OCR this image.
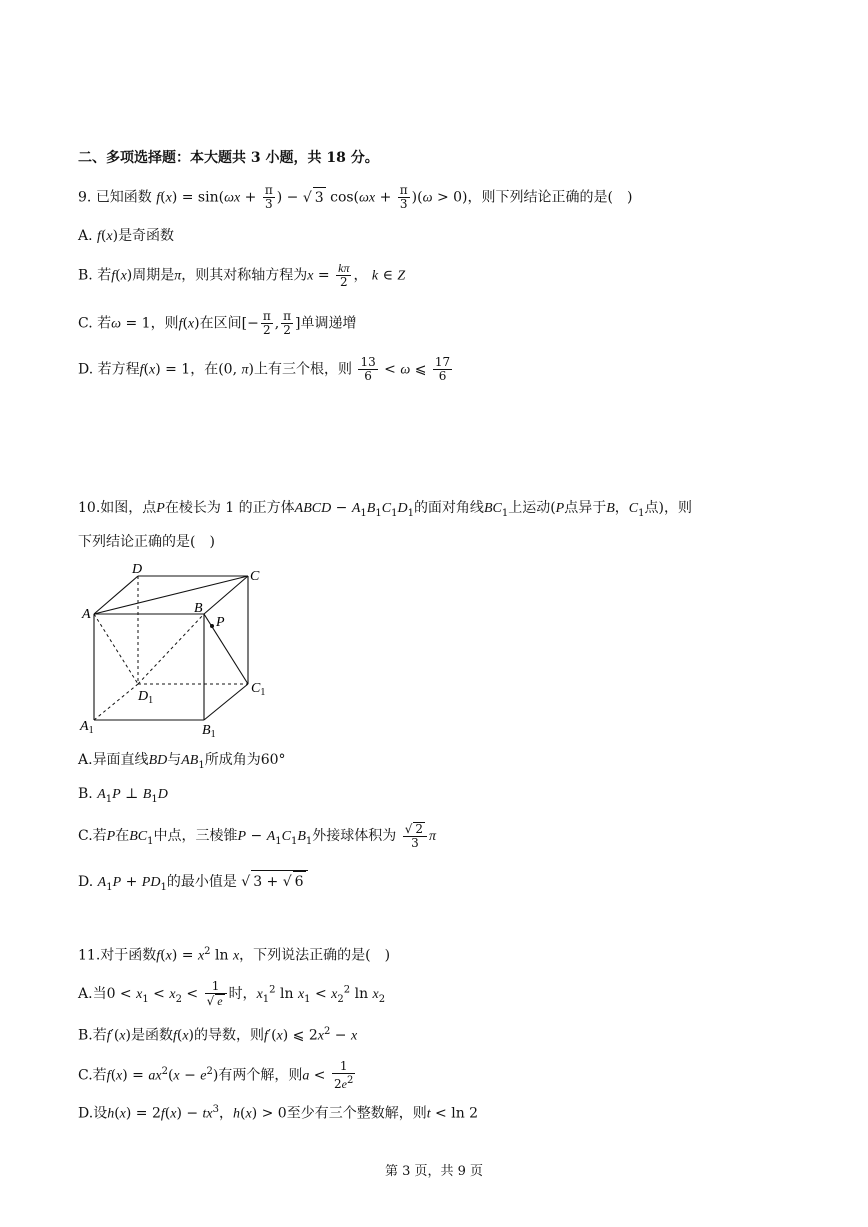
二、多项选择题：本大题共 3 小题，共 18 分。
9. 已知函数 $f(x) = \sin(\omega x + \frac{\pi}{3}$ ) − √ 3 $\cos(\omega x + \frac{\pi}{3} )(\omega > 0)$，则下列结论正确的是(　)
A. f(x)是奇函数
B. 若f(x)周期是π，则其对称轴方程为$x = \frac{k\pi}{2}$ ， k ∈ Z
C. 若ω = 1，则f(x)在区间[− $\frac{\pi}{2}$ , $\frac{\pi}{2}$ ]单调递增
D. 若方程f(x) = 1，在(0, π)上有三个根，则 $\frac{13}{6} < \omega$ ⩽ $\frac{17}{6}$
10.如图，点P在棱长为 1 的正方体ABCD − $A_1B_1C_1D_1$的面对角线$BC_1$上运动(P点异于B，$C_1$点)，则
下列结论正确的是(　)
D	C
A	B
P
$D_1$
$C_1$
$A_1$	$B_1$
A.异面直线BD与$AB_1$所成角为60°
B. $A_1P$ ⊥ $B_1D$
C.若P在$BC_1$中点，三棱锥$P - A_1C_1B_1$外接球体积为 $\frac{√ 2}{3}$ π
D. $A_1P + PD_1$的最小值是 √ 3 + √ 6
11.对于函数$f(x) = x^2$ ln x，下列说法正确的是(　)
A.当$0 < x_1 < x_2 < \frac{1}{√ e}$ 时，$x_1^2$ $\ln x_1 < x_2^2$ $\ln x_2$
B.若f′(x)是函数f(x)的导数，则f′(x) ⩽ $2x^2 - x$
C.若$f(x) = ax^2(x - e^2)$有两个解，则$a < \frac{1}{2e^2}$
D.设$h(x) = 2f(x) - tx^3$，h(x) > 0至少有三个整数解，则t < ln 2
第 3 页，共 9 页
